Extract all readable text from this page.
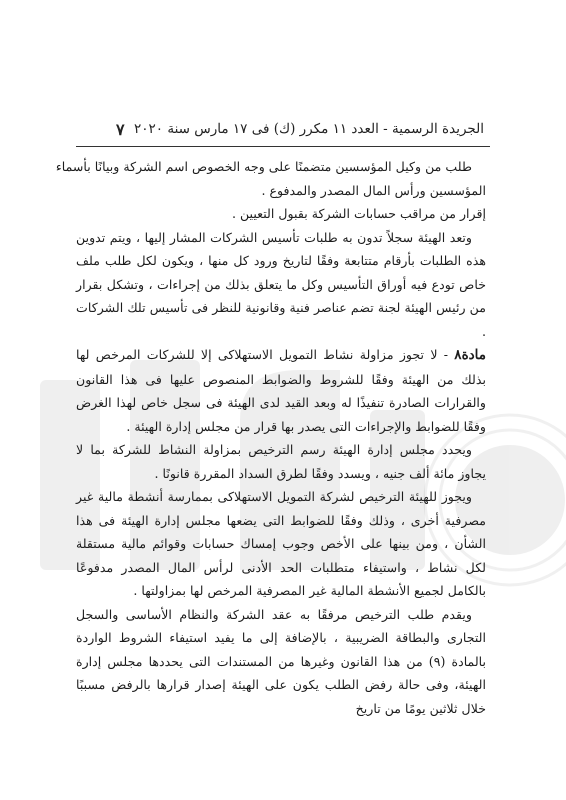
الجريدة الرسمية - العدد ١١ مكرر (ك) فى ١٧ مارس سنة ٢٠٢٠
٧

طلب من وكيل المؤسسين متضمنًا على وجه الخصوص اسم الشركة وبيانًا بأسماء

المؤسسين ورأس المال المصدر والمدفوع .

إقرار من مراقب حسابات الشركة بقبول التعيين .

وتعد الهيئة سجلاً تدون به طلبات تأسيس الشركات المشار إليها ، ويتم تدوين هذه الطلبات بأرقام متتابعة وفقًا لتاريخ ورود كل منها ، ويكون لكل طلب ملف خاص تودع فيه أوراق التأسيس وكل ما يتعلق بذلك من إجراءات ، وتشكل بقرار من رئيس الهيئة لجنة تضم عناصر فنية وقانونية للنظر فى تأسيس تلك الشركات .

مادة٨ - لا تجوز مزاولة نشاط التمويل الاستهلاكى إلا للشركات المرخص لها بذلك من الهيئة وفقًا للشروط والضوابط المنصوص عليها فى هذا القانون والقرارات الصادرة تنفيذًا له وبعد القيد لدى الهيئة فى سجل خاص لهذا الغرض وفقًا للضوابط والإجراءات التى يصدر بها قرار من مجلس إدارة الهيئة .

ويحدد مجلس إدارة الهيئة رسم الترخيص بمزاولة النشاط للشركة بما لا يجاوز مائة ألف جنيه ، ويسدد وفقًا لطرق السداد المقررة قانونًا .

ويجوز للهيئة الترخيص لشركة التمويل الاستهلاكى بممارسة أنشطة مالية غير مصرفية أخرى ، وذلك وفقًا للضوابط التى يضعها مجلس إدارة الهيئة فى هذا الشأن ، ومن بينها على الأخص وجوب إمساك حسابات وقوائم مالية مستقلة لكل نشاط ، واستيفاء متطلبات الحد الأدنى لرأس المال المصدر مدفوعًا بالكامل لجميع الأنشطة المالية غير المصرفية المرخص لها بمزاولتها .

ويقدم طلب الترخيص مرفقًا به عقد الشركة والنظام الأساسى والسجل التجارى والبطاقة الضريبية ، بالإضافة إلى ما يفيد استيفاء الشروط الواردة بالمادة (٩) من هذا القانون وغيرها من المستندات التى يحددها مجلس إدارة الهيئة، وفى حالة رفض الطلب يكون على الهيئة إصدار قرارها بالرفض مسببًا خلال ثلاثين يومًا من تاريخ
